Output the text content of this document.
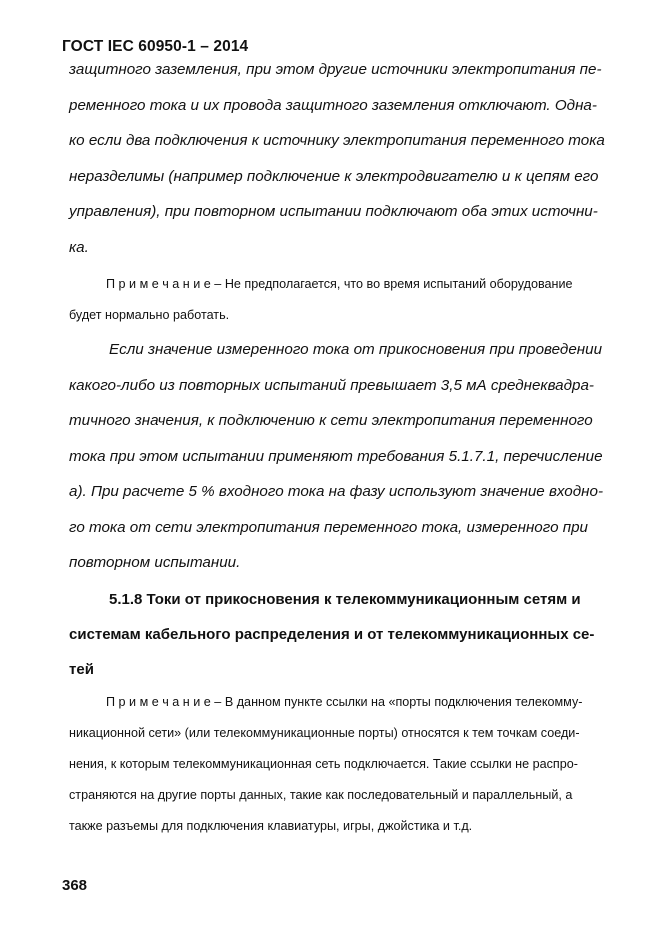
ГОСТ IEC 60950-1 – 2014

защитного заземления, при этом другие источники электропитания пе-

ременного тока и их провода защитного заземления отключают. Одна-

ко если два подключения к источнику электропитания переменного тока

неразделимы (например подключение к электродвигателю и к цепям его

управления), при повторном испытании подключают оба этих источни-

ка.

П р и м е ч а н и е – Не предполагается, что во время испытаний оборудование

будет нормально работать.

Если значение измеренного тока от прикосновения при проведении

какого-либо из повторных испытаний превышает 3,5 мА среднеквадра-

тичного значения, к подключению к сети электропитания переменного

тока при этом испытании применяют требования 5.1.7.1, перечисление

а). При расчете 5 % входного тока на фазу используют значение входно-

го тока от сети электропитания переменного тока, измеренного при

повторном испытании.

5.1.8 Токи от прикосновения к телекоммуникационным сетям и

системам кабельного распределения и от телекоммуникационных се-

тей

П р и м е ч а н и е – В данном пункте ссылки на «порты подключения телекомму-

никационной сети» (или телекоммуникационные порты) относятся к тем точкам соеди-

нения, к которым телекоммуникационная сеть подключается. Такие ссылки не распро-

страняются на другие порты данных, такие как последовательный и параллельный, а

также разъемы для подключения клавиатуры, игры, джойстика и т.д.

368
